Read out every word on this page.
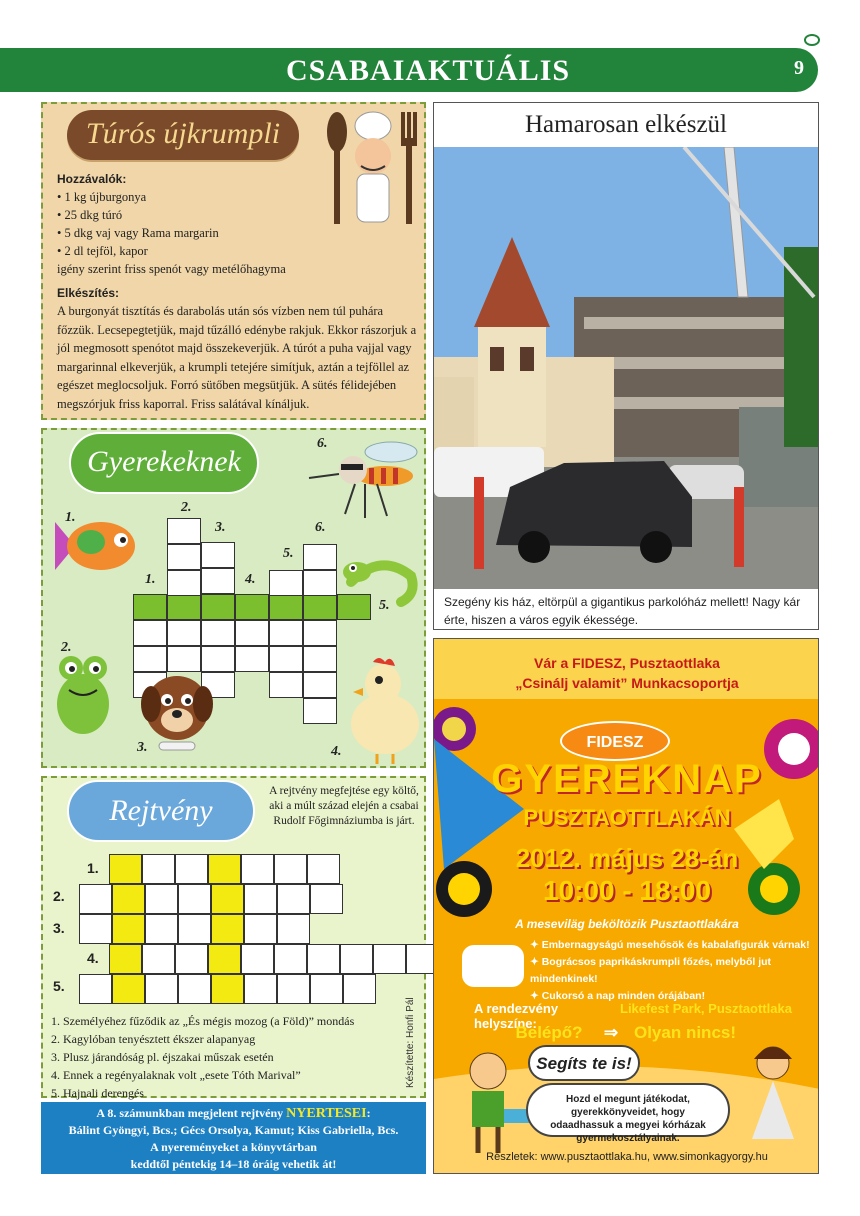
CSABAIAKTUÁLIS	9
Túrós újkrumpli
Hozzávalók:
• 1 kg újburgonya
• 25 dkg túró
• 5 dkg vaj vagy Rama margarin
• 2 dl tejföl, kapor
igény szerint friss spenót vagy metélőhagyma
Elkészítés:

A burgonyát tisztítás és darabolás után sós vízben nem túl puhára főzzük. Lecsepegtetjük, majd tűzálló edénybe rakjuk. Ekkor rászorjuk a jól megmosott spenótot majd összekeverjük. A túrót a puha vajjal vagy margarinnal elkeverjük, a krumpli tetejére simítjuk, aztán a tejföllel az egészet meglocsoljuk. Forró sütőben megsütjük. A sütés félidejében megszórjuk friss kaporral. Friss salátával kínáljuk.

Gyerekeknek
1.
2.
3.	4.
5.
6.
1.
2.
3.
4.
5.
6.
Rejtvény

A rejtvény megfejtése egy költő, aki a múlt század elején a csabai Rudolf Főgimnáziumba is járt.

1.
2.
3.
4.
5.
1. Személyéhez fűződik az „És mégis mozog (a Föld)” mondás
2. Kagylóban tenyésztett ékszer alapanyag
3. Plusz járandóság pl. éjszakai műszak esetén
4. Ennek a regényalaknak volt „esete Tóth Marival”
5. Hajnali derengés
Készítette: Honfi Pál
A 8. számunkban megjelent rejtvény NYERTESEI:
Bálint Gyöngyi, Bcs.; Gécs Orsolya, Kamut; Kiss Gabriella, Bcs.
A nyereményeket a könyvtárban
keddtől péntekig 14–18 óráig vehetik át!
Hamarosan elkészül

Szegény kis ház, eltörpül a gigantikus parkolóház mellett! Nagy kár érte, hiszen a város egyik ékessége.

Vár a FIDESZ, Pusztaottlaka
„Csinálj valamit” Munkacsoportja
FIDESZ
GYEREKNAP
PUSZTAOTTLAKÁN
2012. május 28-án
10:00 - 18:00
A meseviläg beköltözik Pusztaottlakára
✦ Embernagyságú mesehősök és kabalafigurák várnak!
✦ Bográcsos paprikáskrumpli főzés, melyből jut mindenkinek!
✦ Cukorsó a nap minden órájában!
A rendezvény helyszíne:
Likefest Park, Pusztaottlaka
Belépő?	⇒ Olyan nincs!
Segíts te is!
Hozd el megunt játékodat, gyerekkönyveidet, hogy odaadhassuk a megyei kórházak gyermekosztályainak.
Részletek: www.pusztaottlaka.hu, www.simonkagyorgy.hu
